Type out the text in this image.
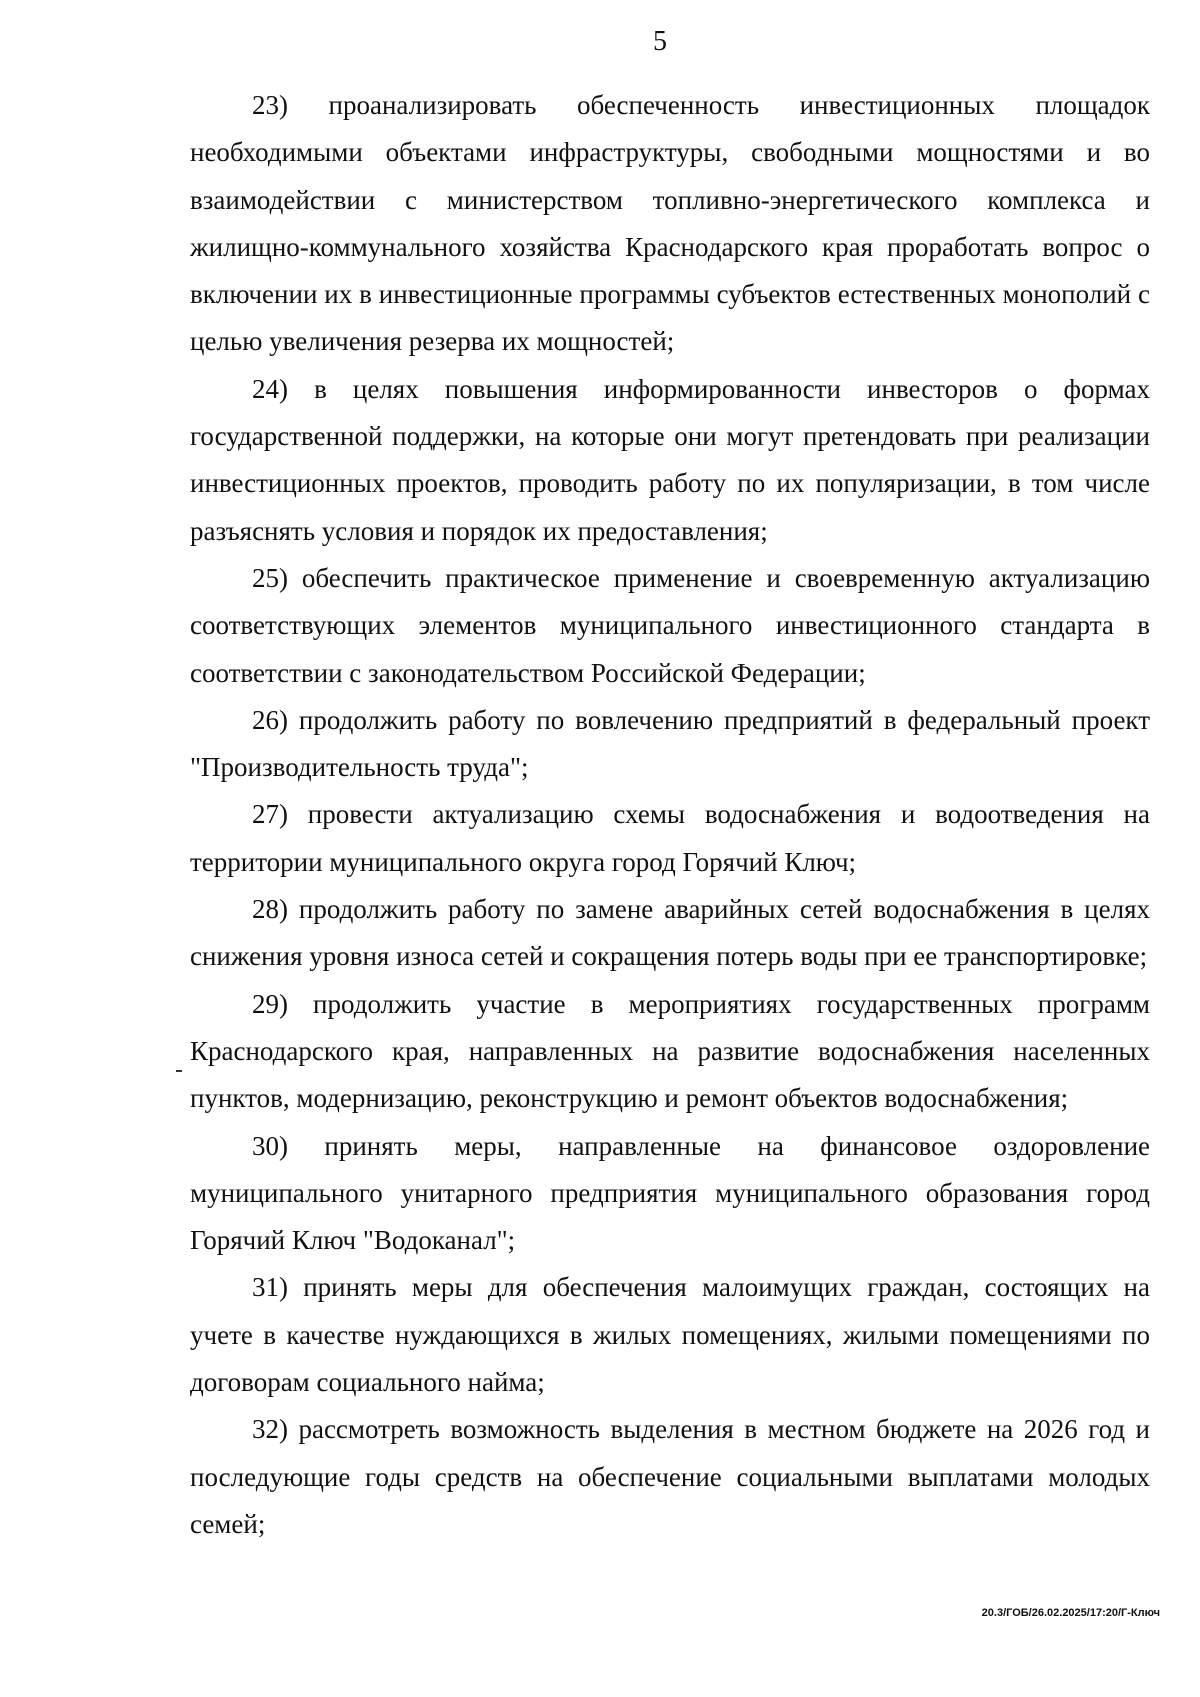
5

23) проанализировать обеспеченность инвестиционных площадок необходимыми объектами инфраструктуры, свободными мощностями и во взаимодействии с министерством топливно-энергетического комплекса и жилищно-коммунального хозяйства Краснодарского края проработать вопрос о включении их в инвестиционные программы субъектов естественных монополий с целью увеличения резерва их мощностей;

24) в целях повышения информированности инвесторов о формах государственной поддержки, на которые они могут претендовать при реализации инвестиционных проектов, проводить работу по их популяризации, в том числе разъяснять условия и порядок их предоставления;

25) обеспечить практическое применение и своевременную актуализацию соответствующих элементов муниципального инвестиционного стандарта в соответствии с законодательством Российской Федерации;

26) продолжить работу по вовлечению предприятий в федеральный проект "Производительность труда";

27) провести актуализацию схемы водоснабжения и водоотведения на территории муниципального округа город Горячий Ключ;

28) продолжить работу по замене аварийных сетей водоснабжения в целях снижения уровня износа сетей и сокращения потерь воды при ее транспортировке;

29) продолжить участие в мероприятиях государственных программ Краснодарского края, направленных на развитие водоснабжения населенных пунктов, модернизацию, реконструкцию и ремонт объектов водоснабжения;

30) принять меры, направленные на финансовое оздоровление муниципального унитарного предприятия муниципального образования город Горячий Ключ "Водоканал";

31) принять меры для обеспечения малоимущих граждан, состоящих на учете в качестве нуждающихся в жилых помещениях, жилыми помещениями по договорам социального найма;

32) рассмотреть возможность выделения в местном бюджете на 2026 год и последующие годы средств на обеспечение социальными выплатами молодых семей;

20.3/ГОБ/26.02.2025/17:20/Г-Ключ
